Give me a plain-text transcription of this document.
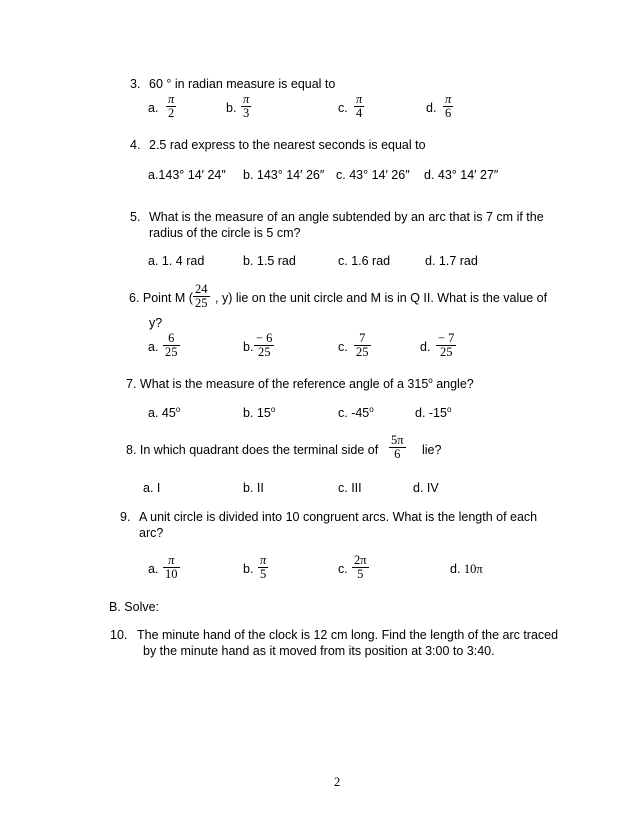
3. 60 ° in radian measure is equal to
a. $\frac{\pi}{2}$	b. $\frac{\pi}{3}$	c. $\frac{\pi}{4}$	d. $\frac{\pi}{6}$
4. 2.5 rad express to the nearest seconds is equal to
a.143° 14′ 24″ b. 143° 14′ 26″ c. 43° 14′ 26″ d. 43° 14′ 27″
5. What is the measure of an angle subtended by an arc that is 7 cm if the
radius of the circle is 5 cm?
a. 1. 4 rad	b. 1.5 rad	c. 1.6 rad	d. 1.7 rad
6. Point M ( $\frac{24}{25}$ , y) lie on the unit circle and M is in Q II. What is the value of
y?
a. $\frac{6}{25}$	b. $\frac{- 6}{25}$	c. $\frac{7}{25}$	d. $\frac{- 7}{25}$
7. What is the measure of the reference angle of a 315$^o$ angle?
a. 45$^o$	b. 15$^o$	c. -45$^o$	d. -15$^o$
8. In which quadrant does the terminal side of $\frac{5\pi}{6}$ lie?
a. I	b. II	c. III	d. IV
9. A unit circle is divided into 10 congruent arcs. What is the length of each
arc?
a. $\frac{\pi}{10}$	b. $\frac{\pi}{5}$	c. $\frac{2\pi}{5}$	d. 10π
B. Solve:
10. The minute hand of the clock is 12 cm long. Find the length of the arc traced
by the minute hand as it moved from its position at 3:00 to 3:40.
2
